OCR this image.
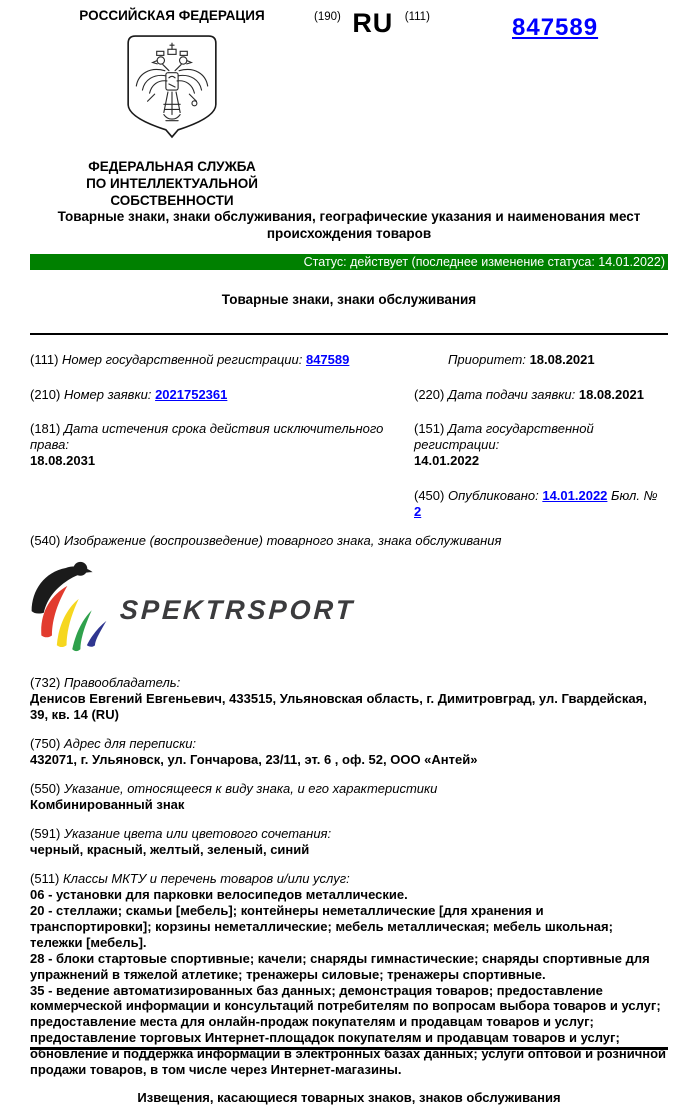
РОССИЙСКАЯ ФЕДЕРАЦИЯ
ФЕДЕРАЛЬНАЯ СЛУЖБА
ПО ИНТЕЛЛЕКТУАЛЬНОЙ СОБСТВЕННОСТИ
$^{(190)}$ RU $^{(111)}$	847589
Товарные знаки, знаки обслуживания, географические указания и наименования мест происхождения товаров
Статус: действует (последнее изменение статуса: 14.01.2022)
Товарные знаки, знаки обслуживания
(111) Номер государственной регистрации: 847589	Приоритет: 18.08.2021
(210) Номер заявки: 2021752361	(220) Дата подачи заявки: 18.08.2021
(181) Дата истечения срока действия исключительного права:
18.08.2031
(151) Дата государственной регистрации:
14.01.2022
(450) Опубликовано: 14.01.2022 Бюл. № 2
(540) Изображение (воспроизведение) товарного знака, знака обслуживания
SPEKTRSPORT
(732) Правообладатель:
Денисов Евгений Евгеньевич, 433515, Ульяновская область, г. Димитровград, ул. Гвардейская, 39, кв. 14 (RU)
(750) Адрес для переписки:
432071, г. Ульяновск, ул. Гончарова, 23/11, эт. 6 , оф. 52, ООО «Антей»
(550) Указание, относящееся к виду знака, и его характеристики
Комбинированный знак
(591) Указание цвета или цветового сочетания:
черный, красный, желтый, зеленый, синий
(511) Классы МКТУ и перечень товаров и/или услуг:
06 - установки для парковки велосипедов металлические.
20 - стеллажи; скамьи [мебель]; контейнеры неметаллические [для хранения и транспортировки]; корзины неметаллические; мебель металлическая; мебель школьная; тележки [мебель].
28 - блоки стартовые спортивные; качели; снаряды гимнастические; снаряды спортивные для упражнений в тяжелой атлетике; тренажеры силовые; тренажеры спортивные.
35 - ведение автоматизированных баз данных; демонстрация товаров; предоставление коммерческой информации и консультаций потребителям по вопросам выбора товаров и услуг; предоставление места для онлайн-продаж покупателям и продавцам товаров и услуг; предоставление торговых Интернет-площадок покупателям и продавцам товаров и услуг; обновление и поддержка информации в электронных базах данных; услуги оптовой и розничной продажи товаров, в том числе через Интернет-магазины.
Извещения, касающиеся товарных знаков, знаков обслуживания
